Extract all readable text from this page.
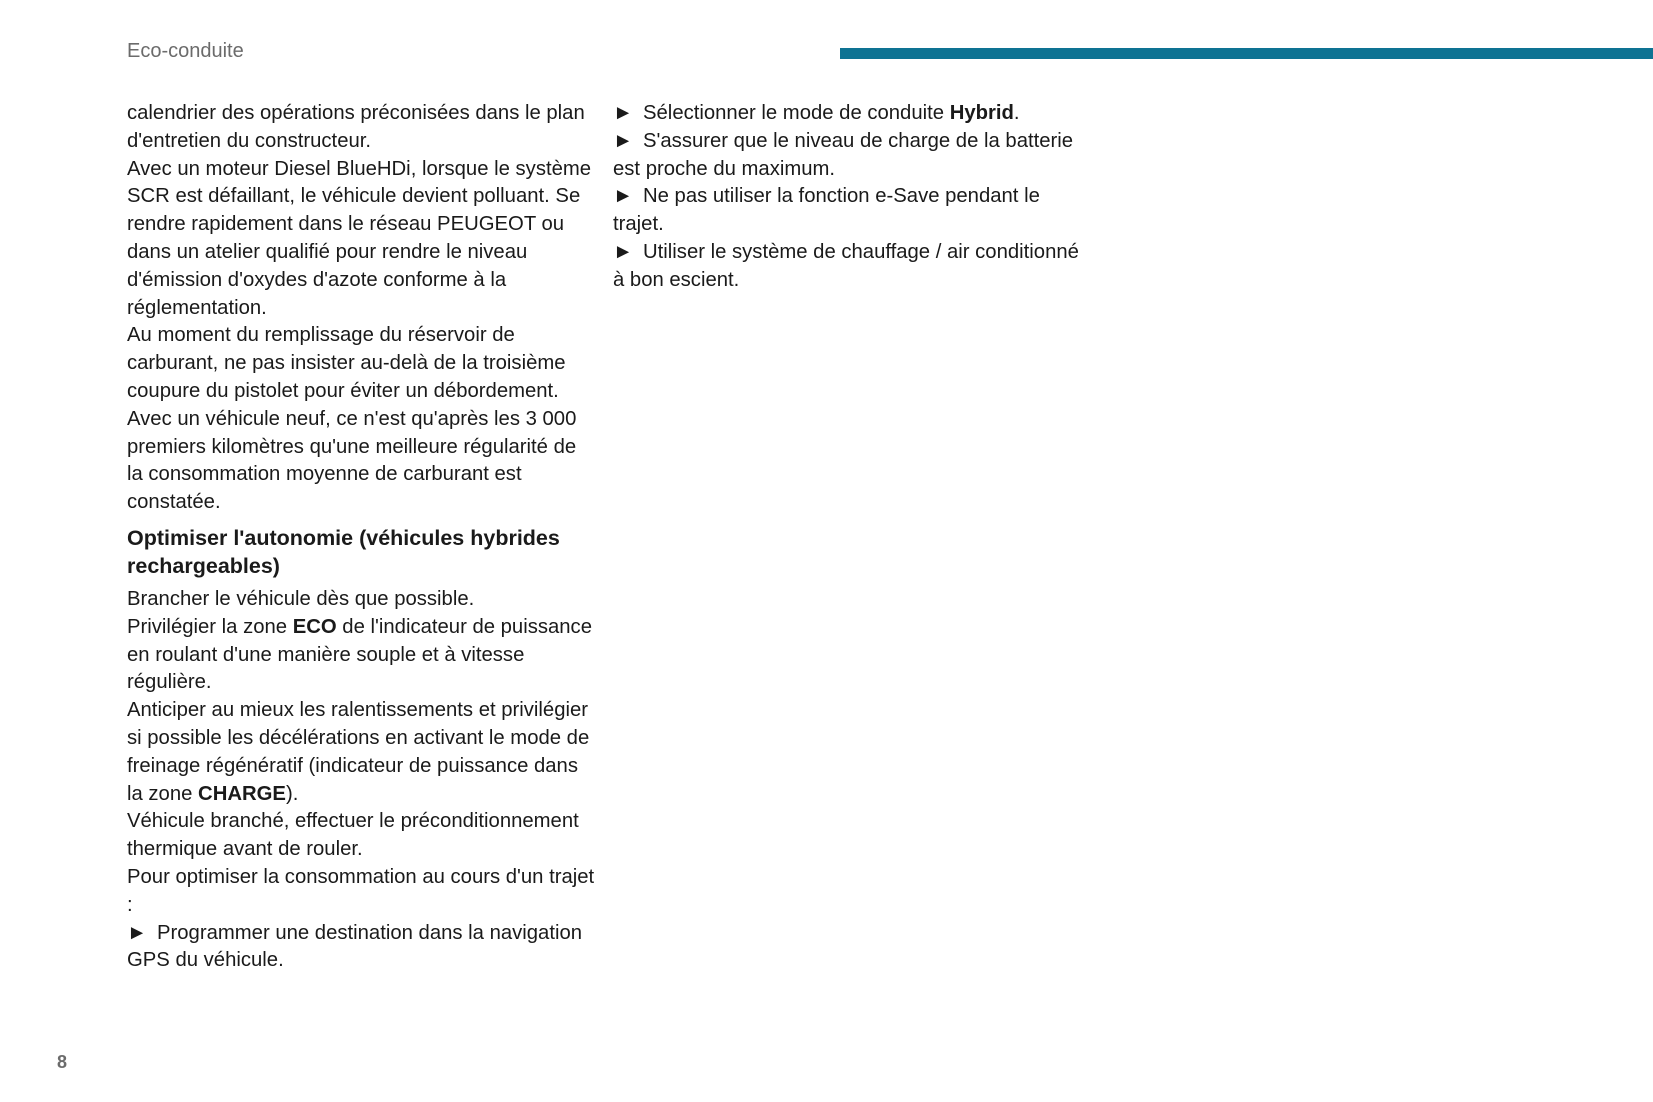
Eco-conduite

calendrier des opérations préconisées dans le plan d'entretien du constructeur.

Avec un moteur Diesel BlueHDi, lorsque le système SCR est défaillant, le véhicule devient polluant. Se rendre rapidement dans le réseau PEUGEOT ou dans un atelier qualifié pour rendre le niveau d'émission d'oxydes d'azote conforme à la réglementation.

Au moment du remplissage du réservoir de carburant, ne pas insister au-delà de la troisième coupure du pistolet pour éviter un débordement.

Avec un véhicule neuf, ce n'est qu'après les 3 000 premiers kilomètres qu'une meilleure régularité de la consommation moyenne de carburant est constatée.

Optimiser l'autonomie (véhicules hybrides rechargeables)

Brancher le véhicule dès que possible.

Privilégier la zone ECO de l'indicateur de puissance en roulant d'une manière souple et à vitesse régulière.

Anticiper au mieux les ralentissements et privilégier si possible les décélérations en activant le mode de freinage régénératif (indicateur de puissance dans la zone CHARGE).

Véhicule branché, effectuer le préconditionnement thermique avant de rouler.

Pour optimiser la consommation au cours d'un trajet :

► Programmer une destination dans la navigation GPS du véhicule.

► Sélectionner le mode de conduite Hybrid.

► S'assurer que le niveau de charge de la batterie est proche du maximum.

► Ne pas utiliser la fonction e-Save pendant le trajet.

► Utiliser le système de chauffage / air conditionné à bon escient.

8
